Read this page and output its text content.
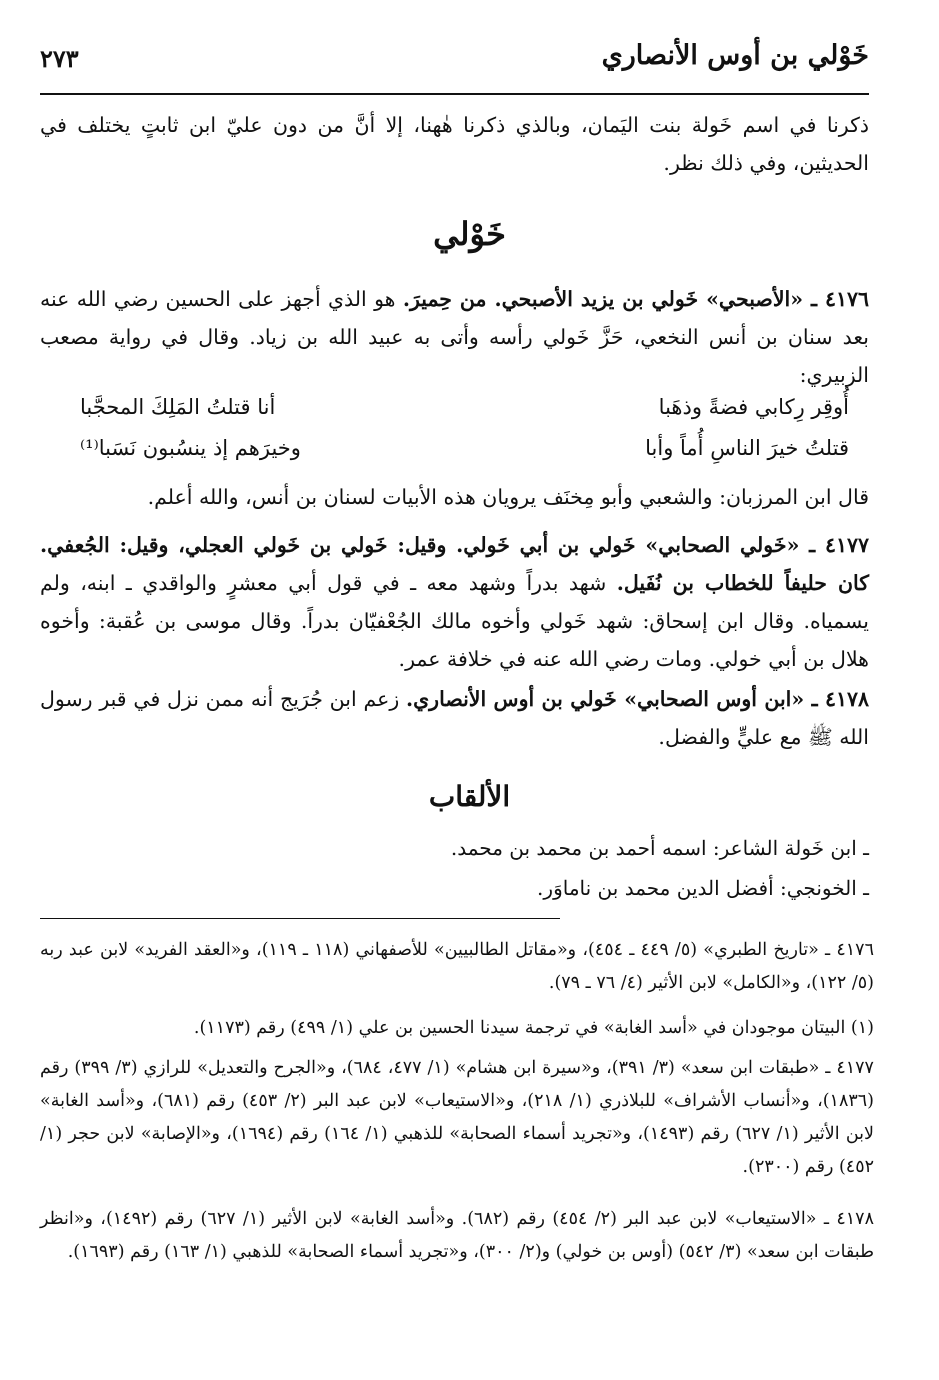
خَوْلي بن أوس الأنصاري
٢٧٣

ذكرنا في اسم خَولة بنت اليَمان، وبالذي ذكرنا هٰهنا، إلا أنَّ من دون عليّ ابن ثابتٍ يختلف في الحديثين، وفي ذلك نظر.

خَوْلي

٤١٧٦ ـ «الأصبحي» خَولي بن يزيد الأصبحي. من حِميرَ. هو الذي أجهز على الحسين رضي الله عنه بعد سنان بن أنس النخعي، حَزَّ خَولي رأسه وأتى به عبيد الله بن زياد. وقال في رواية مصعب الزبيري:

أُوقِر رِكابي فضةً وذهَبا
أنا قتلتُ المَلِكَ المحجَّبا
قتلتُ خيرَ الناسِ أُماً وأبا
وخيرَهم إذ ينسُبون نَسَبا⁽¹⁾

قال ابن المرزبان: والشعبي وأبو مِخنَف يرويان هذه الأبيات لسنان بن أنس، والله أعلم.

٤١٧٧ ـ «خَولي الصحابي» خَولي بن أبي خَولي. وقيل: خَولي بن خَولي العجلي، وقيل: الجُعفي. كان حليفاً للخطاب بن نُفَيل. شهد بدراً وشهد معه ـ في قول أبي معشرٍ والواقدي ـ ابنه، ولم يسمياه. وقال ابن إسحاق: شهد خَولي وأخوه مالك الجُعْفيّان بدراً. وقال موسى بن عُقبة: وأخوه هلال بن أبي خولي. ومات رضي الله عنه في خلافة عمر.

٤١٧٨ ـ «ابن أوس الصحابي» خَولي بن أوس الأنصاري. زعم ابن جُرَيج أنه ممن نزل في قبر رسول الله ﷺ مع عليٍّ والفضل.

الألقاب
ـ ابن خَولة الشاعر: اسمه أحمد بن محمد بن محمد.
ـ الخونجي: أفضل الدين محمد بن ناماوَر.

٤١٧٦ ـ «تاريخ الطبري» (٥/ ٤٤٩ ـ ٤٥٤)، و«مقاتل الطالبيين» للأصفهاني (١١٨ ـ ١١٩)، و«العقد الفريد» لابن عبد ربه (٥/ ١٢٢)، و«الكامل» لابن الأثير (٤/ ٧٦ ـ ٧٩).

(١) البيتان موجودان في «أسد الغابة» في ترجمة سيدنا الحسين بن علي (١/ ٤٩٩) رقم (١١٧٣).

٤١٧٧ ـ «طبقات ابن سعد» (٣/ ٣٩١)، و«سيرة ابن هشام» (١/ ٤٧٧، ٦٨٤)، و«الجرح والتعديل» للرازي (٣/ ٣٩٩) رقم (١٨٣٦)، و«أنساب الأشراف» للبلاذري (١/ ٢١٨)، و«الاستيعاب» لابن عبد البر (٢/ ٤٥٣) رقم (٦٨١)، و«أسد الغابة» لابن الأثير (١/ ٦٢٧) رقم (١٤٩٣)، و«تجريد أسماء الصحابة» للذهبي (١/ ١٦٤) رقم (١٦٩٤)، و«الإصابة» لابن حجر (١/ ٤٥٢) رقم (٢٣٠٠).

٤١٧٨ ـ «الاستيعاب» لابن عبد البر (٢/ ٤٥٤) رقم (٦٨٢). و«أسد الغابة» لابن الأثير (١/ ٦٢٧) رقم (١٤٩٢)، و«انظر طبقات ابن سعد» (٣/ ٥٤٢) (أوس بن خولي) و(٢/ ٣٠٠)، و«تجريد أسماء الصحابة» للذهبي (١/ ١٦٣) رقم (١٦٩٣).
